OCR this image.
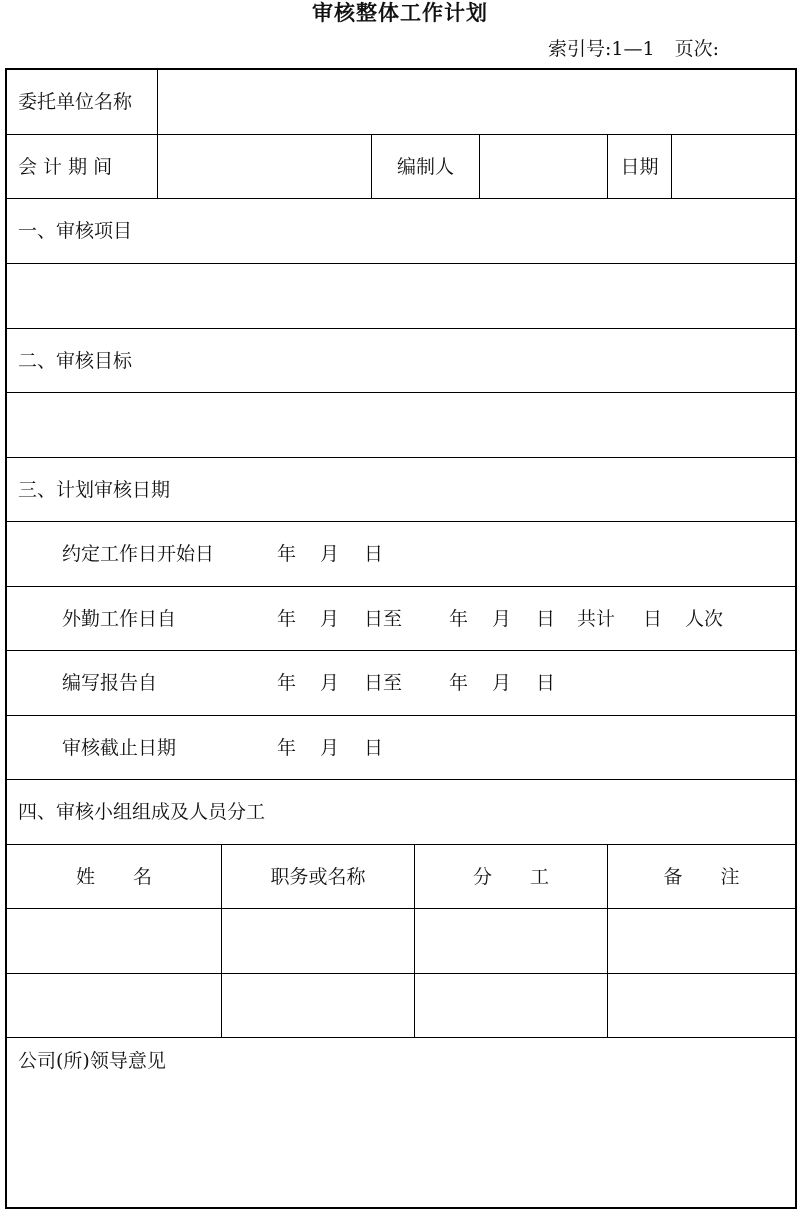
审核整体工作计划
索引号:1—1 页次:
委托单位名称
会 计 期 间	编制人	日期
一、审核项目
二、审核目标
三、计划审核日期
约定工作日开始日	年 月 日
外勤工作日自	年 月 日至 年 月 日 共计 日 人次
编写报告自	年 月 日至 年 月 日
审核截止日期	年 月 日
四、审核小组组成及人员分工
姓　　名	职务或名称	分　　工	备　　注
公司(所)领导意见
